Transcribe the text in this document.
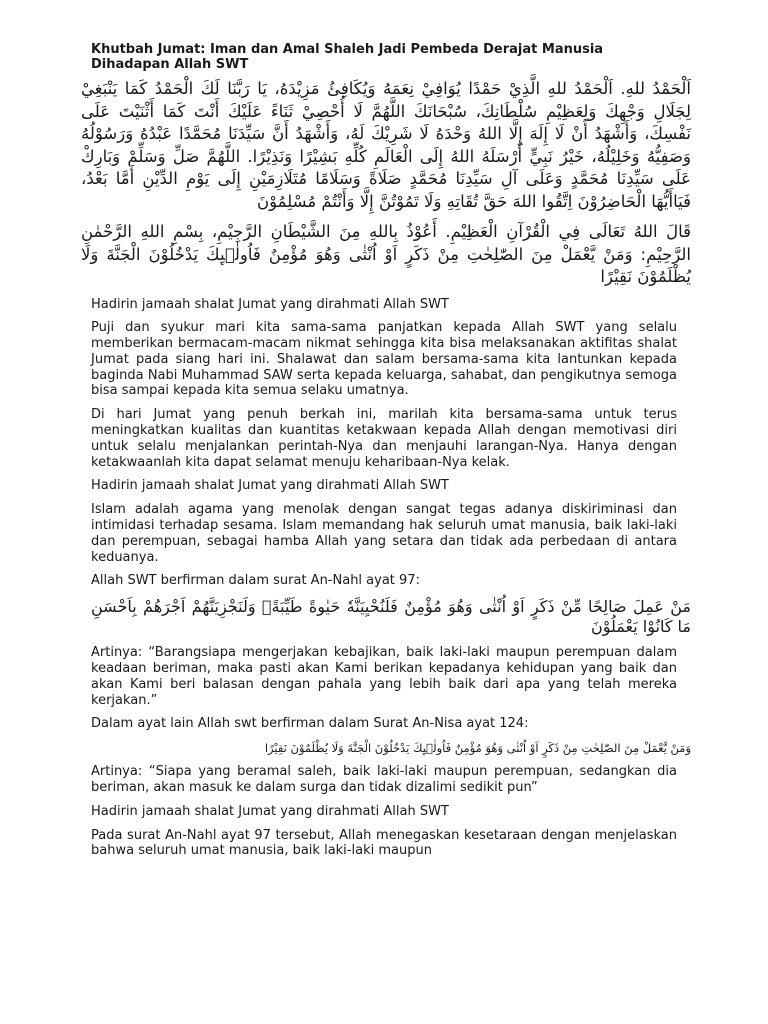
Khutbah Jumat: Iman dan Amal Shaleh Jadi Pembeda Derajat Manusia Dihadapan Allah SWT
اَلْحَمْدُ للهِ. اَلْحَمْدُ للهِ الَّذِيْ حَمْدًا يُوَافِيْ نِعَمَهُ وَيُكَافِئُ مَزِيْدَهُ، يَا رَبَّنَا لَكَ الْحَمْدُ كَمَا يَنْبَغِيْ لِجَلَالِ وَجْهِكَ وَلِعَظِيْمِ سُلْطَانِكَ، سُبْحَانَكَ اللَّهُمَّ لَا أُحْصِيْ ثَنَاءً عَلَيْكَ أَنْتَ كَمَا أَثْنَيْتَ عَلَى نَفْسِكَ، وَأَشْهَدُ أَنْ لَا إِلَهَ إِلَّا اللهُ وَحْدَهُ لَا شَرِيْكَ لَهُ، وَأَشْهَدُ أَنَّ سَيِّدَنَا مُحَمَّدًا عَبْدُهُ وَرَسُوْلُهُ وَصَفِيُّهُ وَخَلِيْلُهُ، خَيْرُ نَبِيٍّ أَرْسَلَهُ اللهُ إِلَى الْعَالَمِ كُلِّهِ بَشِيْرًا وَنَذِيْرًا. اللَّهُمَّ صَلِّ وَسَلِّمْ وَبَارِكْ عَلَى سَيِّدِنَا مُحَمَّدٍ وَعَلَى آلِ سَيِّدِنَا مُحَمَّدٍ صَلَاةً وَسَلَامًا مُتَلَازِمَيْنِ إِلَى يَوْمِ الدِّيْنِ أَمَّا بَعْدُ، فَيَاأَيُّهَا الْحَاضِرُوْنَ اِتَّقُوا اللهَ حَقَّ تُقَاتِهِ وَلَا تَمُوْتُنَّ إِلَّا وَأَنْتُمْ مُسْلِمُوْنَ
قَالَ اللهُ تَعَالَى فِي الْقُرْآنِ الْعَظِيْمِ. أَعُوْذُ بِاللهِ مِنَ الشَّيْطَانِ الرَّجِيْمِ، بِسْمِ اللهِ الرَّحْمٰنِ الرَّحِيْمِ: وَمَنْ يَّعْمَلْ مِنَ الصّٰلِحٰتِ مِنْ ذَكَرٍ اَوْ اُنْثٰى وَهُوَ مُؤْمِنٌ فَاُولٰۤىِٕكَ يَدْخُلُوْنَ الْجَنَّةَ وَلَا يُظْلَمُوْنَ نَقِيْرًا

Hadirin jamaah shalat Jumat yang dirahmati Allah SWT

Puji dan syukur mari kita sama-sama panjatkan kepada Allah SWT yang selalu memberikan bermacam-macam nikmat sehingga kita bisa melaksanakan aktifitas shalat Jumat pada siang hari ini. Shalawat dan salam bersama-sama kita lantunkan kepada baginda Nabi Muhammad SAW serta kepada keluarga, sahabat, dan pengikutnya semoga bisa sampai kepada kita semua selaku umatnya.

Di hari Jumat yang penuh berkah ini, marilah kita bersama-sama untuk terus meningkatkan kualitas dan kuantitas ketakwaan kepada Allah dengan memotivasi diri untuk selalu menjalankan perintah-Nya dan menjauhi larangan-Nya. Hanya dengan ketakwaanlah kita dapat selamat menuju keharibaan-Nya kelak.

Hadirin jamaah shalat Jumat yang dirahmati Allah SWT

Islam adalah agama yang menolak dengan sangat tegas adanya diskiriminasi dan intimidasi terhadap sesama. Islam memandang hak seluruh umat manusia, baik laki-laki dan perempuan, sebagai hamba Allah yang setara dan tidak ada perbedaan di antara keduanya.

Allah SWT berfirman dalam surat An-Nahl ayat 97:

مَنْ عَمِلَ صَالِحًا مِّنْ ذَكَرٍ اَوْ اُنْثٰى وَهُوَ مُؤْمِنٌ فَلَنُحْيِيَنَّهٗ حَيٰوةً طَيِّبَةًۚ وَلَنَجْزِيَنَّهُمْ اَجْرَهُمْ بِاَحْسَنِ مَا كَانُوْا يَعْمَلُوْنَ

Artinya: “Barangsiapa mengerjakan kebajikan, baik laki-laki maupun perempuan dalam keadaan beriman, maka pasti akan Kami berikan kepadanya kehidupan yang baik dan akan Kami beri balasan dengan pahala yang lebih baik dari apa yang telah mereka kerjakan.”

Dalam ayat lain Allah swt berfirman dalam Surat An-Nisa ayat 124:

وَمَنْ يَّعْمَلْ مِنَ الصّٰلِحٰتِ مِنْ ذَكَرٍ اَوْ اُنْثٰى وَهُوَ مُؤْمِنٌ فَاُولٰۤىِٕكَ يَدْخُلُوْنَ الْجَنَّةَ وَلَا يُظْلَمُوْنَ نَقِيْرًا

Artinya: “Siapa yang beramal saleh, baik laki-laki maupun perempuan, sedangkan dia beriman, akan masuk ke dalam surga dan tidak dizalimi sedikit pun”

Hadirin jamaah shalat Jumat yang dirahmati Allah SWT

Pada surat An-Nahl ayat 97 tersebut, Allah menegaskan kesetaraan dengan menjelaskan bahwa seluruh umat manusia, baik laki-laki maupun
